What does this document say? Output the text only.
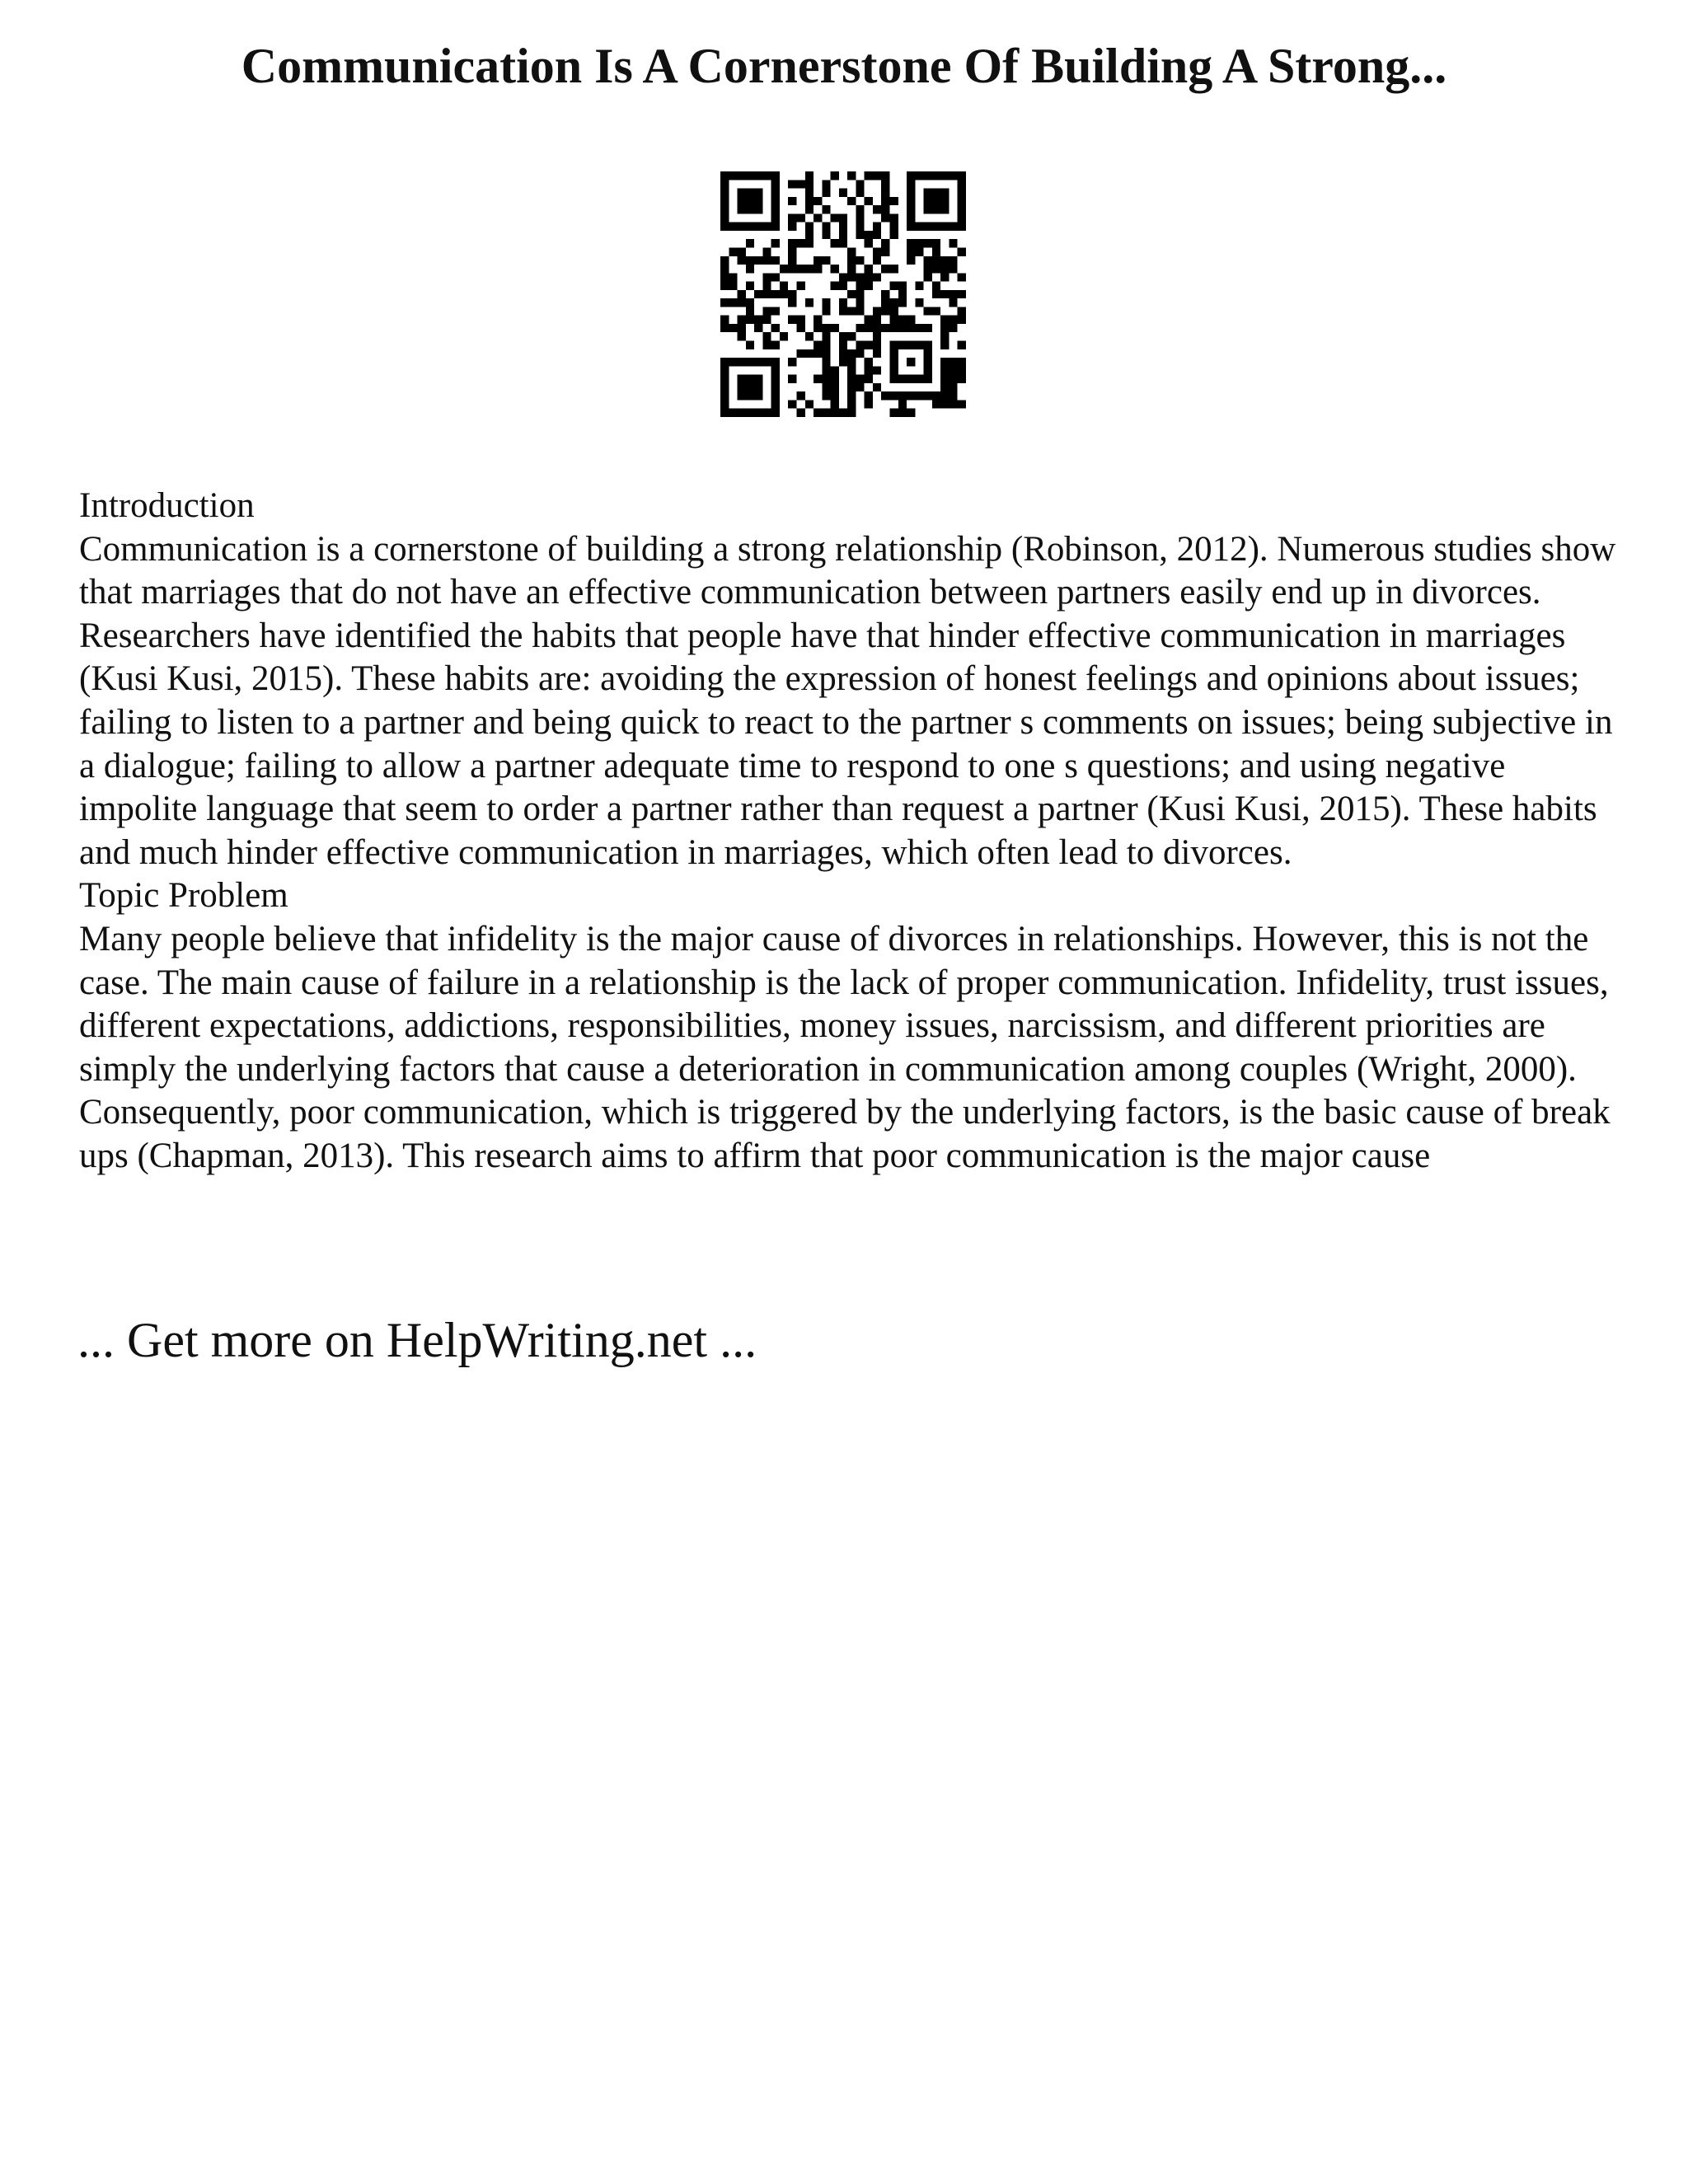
Communication Is A Cornerstone Of Building A Strong...

Introduction

Communication is a cornerstone of building a strong relationship (Robinson, 2012). Numerous studies show that marriages that do not have an effective communication between partners easily end up in divorces. Researchers have identified the habits that people have that hinder effective communication in marriages (Kusi Kusi, 2015). These habits are: avoiding the expression of honest feelings and opinions about issues; failing to listen to a partner and being quick to react to the partner s comments on issues; being subjective in a dialogue; failing to allow a partner adequate time to respond to one s questions; and using negative impolite language that seem to order a partner rather than request a partner (Kusi Kusi, 2015). These habits and much hinder effective communication in marriages, which often lead to divorces.

Topic Problem

Many people believe that infidelity is the major cause of divorces in relationships. However, this is not the case. The main cause of failure in a relationship is the lack of proper communication. Infidelity, trust issues, different expectations, addictions, responsibilities, money issues, narcissism, and different priorities are simply the underlying factors that cause a deterioration in communication among couples (Wright, 2000). Consequently, poor communication, which is triggered by the underlying factors, is the basic cause of break ups (Chapman, 2013). This research aims to affirm that poor communication is the major cause

... Get more on HelpWriting.net ...
